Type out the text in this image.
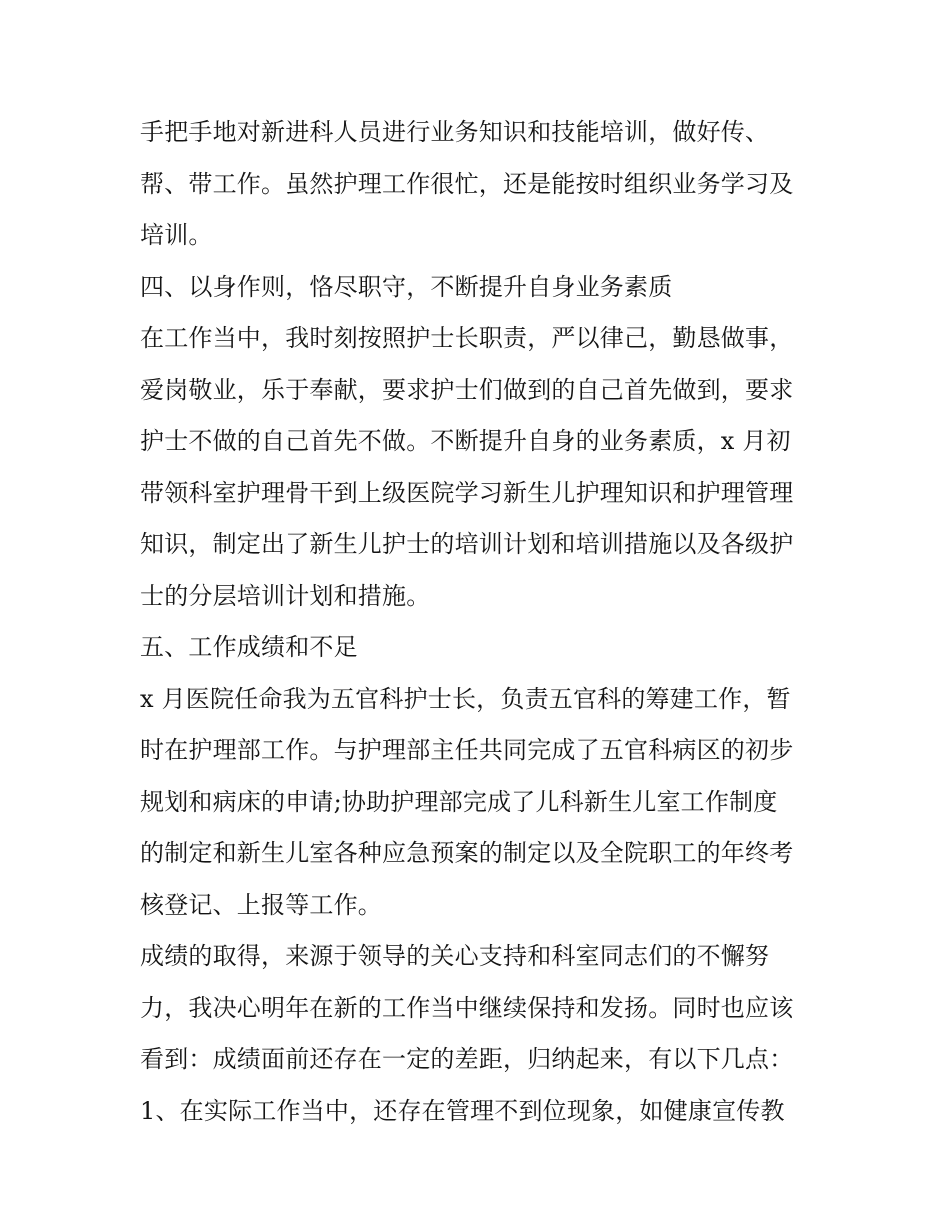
手把手地对新进科人员进行业务知识和技能培训，做好传、
帮、带工作。虽然护理工作很忙，还是能按时组织业务学习及
培训。
四、以身作则，恪尽职守，不断提升自身业务素质
在工作当中，我时刻按照护士长职责，严以律己，勤恳做事，
爱岗敬业，乐于奉献，要求护士们做到的自己首先做到，要求
护士不做的自己首先不做。不断提升自身的业务素质，x 月初
带领科室护理骨干到上级医院学习新生儿护理知识和护理管理
知识，制定出了新生儿护士的培训计划和培训措施以及各级护
士的分层培训计划和措施。
五、工作成绩和不足
x 月医院任命我为五官科护士长，负责五官科的筹建工作，暂
时在护理部工作。与护理部主任共同完成了五官科病区的初步
规划和病床的申请;协助护理部完成了儿科新生儿室工作制度
的制定和新生儿室各种应急预案的制定以及全院职工的年终考
核登记、上报等工作。
成绩的取得，来源于领导的关心支持和科室同志们的不懈努
力，我决心明年在新的工作当中继续保持和发扬。同时也应该
看到：成绩面前还存在一定的差距，归纳起来，有以下几点：
1、在实际工作当中，还存在管理不到位现象，如健康宣传教
